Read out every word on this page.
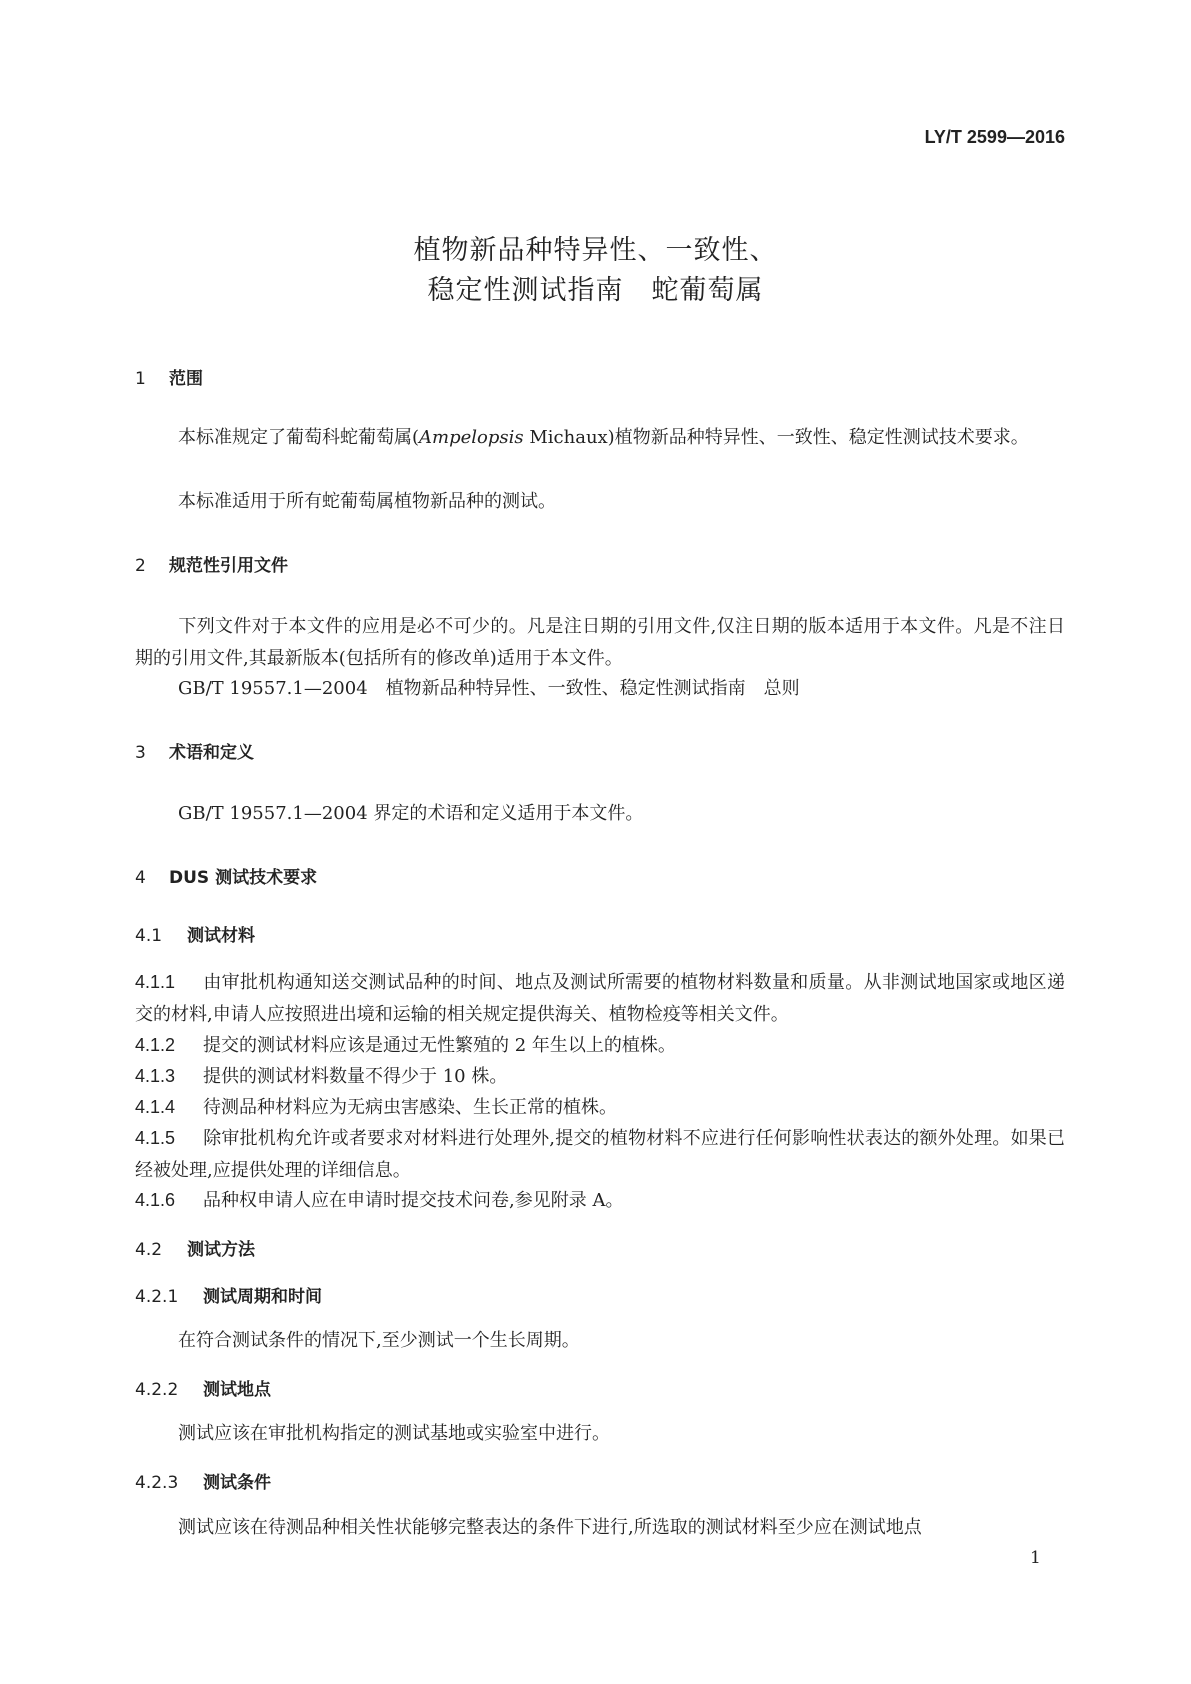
LY/T 2599—2016
植物新品种特异性、一致性、
稳定性测试指南　蛇葡萄属
1 范围
本标准规定了葡萄科蛇葡萄属(Ampelopsis Michaux)植物新品种特异性、一致性、稳定性测试技术要求。
本标准适用于所有蛇葡萄属植物新品种的测试。
2 规范性引用文件
下列文件对于本文件的应用是必不可少的。凡是注日期的引用文件,仅注日期的版本适用于本文件。凡是不注日期的引用文件,其最新版本(包括所有的修改单)适用于本文件。
GB/T 19557.1—2004　植物新品种特异性、一致性、稳定性测试指南　总则
3 术语和定义
GB/T 19557.1—2004 界定的术语和定义适用于本文件。
4 DUS 测试技术要求
4.1 测试材料
4.1.1 由审批机构通知送交测试品种的时间、地点及测试所需要的植物材料数量和质量。从非测试地国家或地区递交的材料,申请人应按照进出境和运输的相关规定提供海关、植物检疫等相关文件。
4.1.2 提交的测试材料应该是通过无性繁殖的 2 年生以上的植株。
4.1.3 提供的测试材料数量不得少于 10 株。
4.1.4 待测品种材料应为无病虫害感染、生长正常的植株。
4.1.5 除审批机构允许或者要求对材料进行处理外,提交的植物材料不应进行任何影响性状表达的额外处理。如果已经被处理,应提供处理的详细信息。
4.1.6 品种权申请人应在申请时提交技术问卷,参见附录 A。
4.2 测试方法
4.2.1 测试周期和时间
在符合测试条件的情况下,至少测试一个生长周期。
4.2.2 测试地点
测试应该在审批机构指定的测试基地或实验室中进行。
4.2.3 测试条件
测试应该在待测品种相关性状能够完整表达的条件下进行,所选取的测试材料至少应在测试地点
1
